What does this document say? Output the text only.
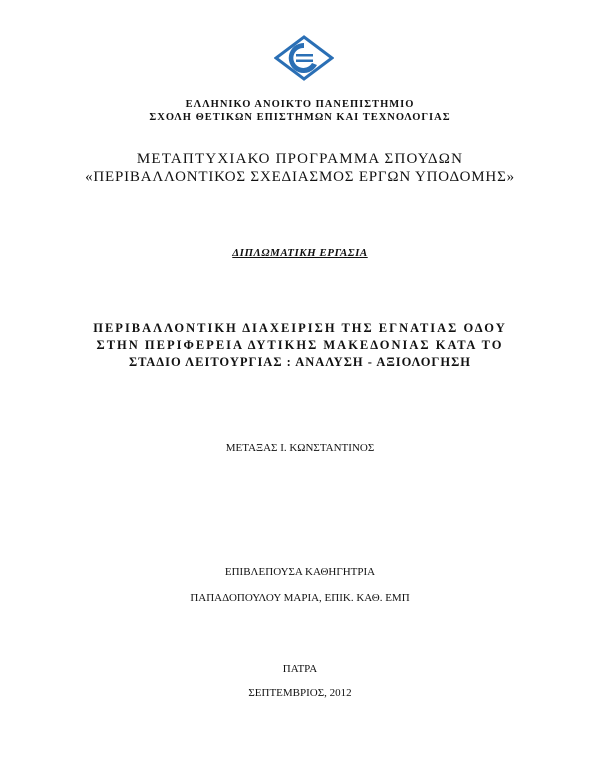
ΕΛΛΗΝΙΚΟ ΑΝΟΙΚΤΟ ΠΑΝΕΠΙΣΤΗΜΙΟ
ΣΧΟΛΗ ΘΕΤΙΚΩΝ ΕΠΙΣΤΗΜΩΝ ΚΑΙ ΤΕΧΝΟΛΟΓΙΑΣ
ΜΕΤΑΠΤΥΧΙΑΚΟ ΠΡΟΓΡΑΜΜΑ ΣΠΟΥΔΩΝ
«ΠΕΡΙΒΑΛΛΟΝΤΙΚΟΣ ΣΧΕΔΙΑΣΜΟΣ ΕΡΓΩΝ ΥΠΟΔΟΜΗΣ»
ΔΙΠΛΩΜΑΤΙΚΗ ΕΡΓΑΣΙΑ
ΠΕΡΙΒΑΛΛΟΝΤΙΚΗ ΔΙΑΧΕΙΡΙΣΗ ΤΗΣ ΕΓΝΑΤΙΑΣ ΟΔΟΥ
ΣΤΗΝ ΠΕΡΙΦΕΡΕΙΑ ΔΥΤΙΚΗΣ ΜΑΚΕΔΟΝΙΑΣ ΚΑΤΑ ΤΟ
ΣΤΑΔΙΟ ΛΕΙΤΟΥΡΓΙΑΣ : ΑΝΑΛΥΣΗ - ΑΞΙΟΛΟΓΗΣΗ
ΜΕΤΑΞΑΣ Ι. ΚΩΝΣΤΑΝΤΙΝΟΣ
ΕΠΙΒΛΕΠΟΥΣΑ ΚΑΘΗΓΗΤΡΙΑ
ΠΑΠΑΔΟΠΟΥΛΟΥ ΜΑΡΙΑ, ΕΠΙΚ. ΚΑΘ. ΕΜΠ
ΠΑΤΡΑ
ΣΕΠΤΕΜΒΡΙΟΣ, 2012
